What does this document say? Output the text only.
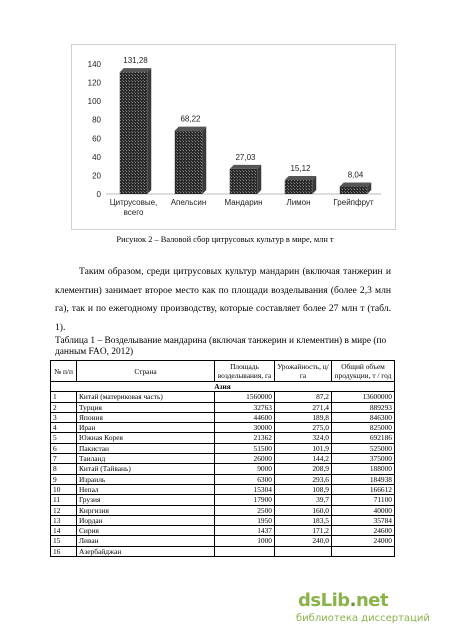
0
20
40
60
80
100
120
140	131,28
Цитрусовые,
всего
68,22
Апельсин
27,03
Мандарин
15,12
Лимон
8,04
Грейпфрут
Рисунок 2 – Валовой сбор цитрусовых культур в мире, млн т
Таким образом, среди цитрусовых культур мандарин (включая танжерин и клементин) занимает второе место как по площади возделывания (более 2,3 млн га), так и по ежегодному производству, которые составляет более 27 млн т (табл. 1).
Таблица 1 – Возделывание мандарина (включая танжерин и клементин) в мире (по данным FAO, 2012)
№ п/п	Страна	Площадь возделывания, га	Урожайность, ц/га	Общий объем продукции, т / год
Азия				
1	Китай (материковая часть)	1560000	87,2	13600000
2	Турция	32763	271,4	889293
3	Япония	44600	189,8	846300
4	Иран	30000	275,0	825000
5	Южная Корея	21362	324,0	692186
6	Пакистан	51500	101,9	525000
7	Таиланд	26000	144,2	375000
8	Китай (Тайвань)	9000	208,9	188000
9	Израиль	6300	293,6	184938
10	Непал	15304	108,9	166612
11	Грузия	17900	39,7	71100
12	Киргизия	2500	160,0	40000
13	Иордан	1950	183,5	35784
14	Сирия	1437	171,2	24600
15	Ливан	1000	240,0	24000
16	Азербайджан			
dsLib.net
библиотека диссертаций
